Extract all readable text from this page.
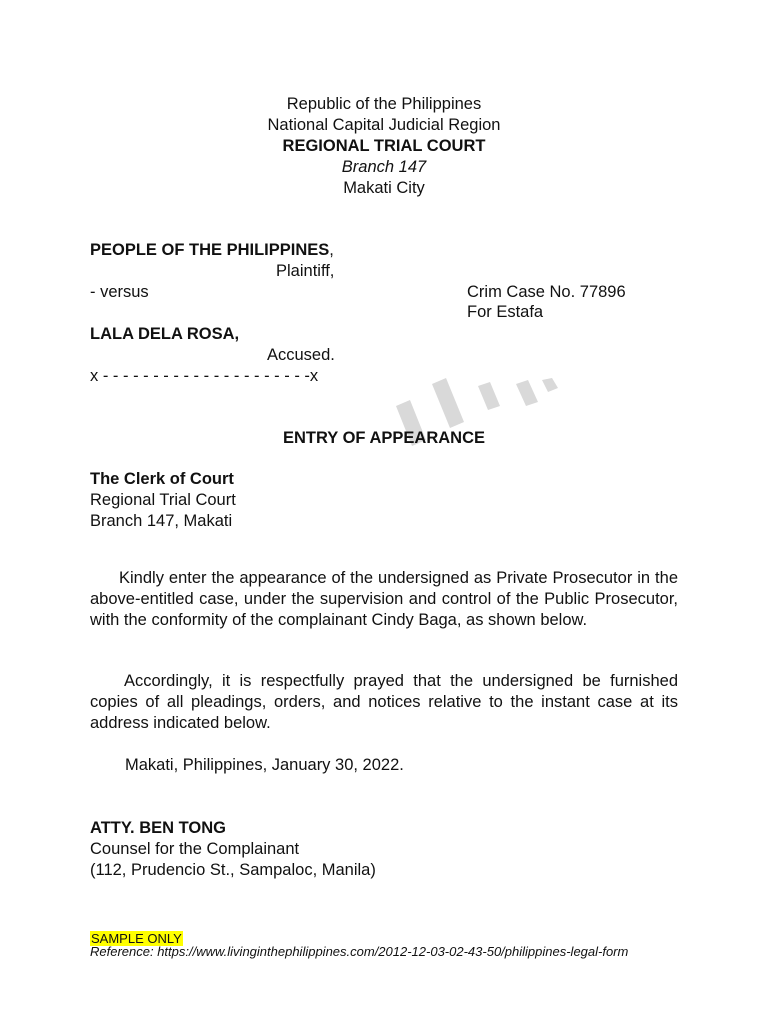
Republic of the Philippines
National Capital Judicial Region
REGIONAL TRIAL COURT
Branch 147
Makati City
PEOPLE OF THE PHILIPPINES,
Plaintiff,
- versus	Crim Case No. 77896
For Estafa
LALA DELA ROSA,
Accused.
x - - - - - - - - - - - - - - - - - - - - -x
ENTRY OF APPEARANCE
The Clerk of Court
Regional Trial Court
Branch 147, Makati
Kindly enter the appearance of the undersigned as Private Prosecutor in the above-entitled case, under the supervision and control of the Public Prosecutor, with the conformity of the complainant Cindy Baga, as shown below.
Accordingly, it is respectfully prayed that the undersigned be furnished copies of all pleadings, orders, and notices relative to the instant case at its address indicated below.
Makati, Philippines, January 30, 2022.
ATTY. BEN TONG
Counsel for the Complainant
(112, Prudencio St., Sampaloc, Manila)
SAMPLE ONLY
Reference: https://www.livinginthephilippines.com/2012-12-03-02-43-50/philippines-legal-form
